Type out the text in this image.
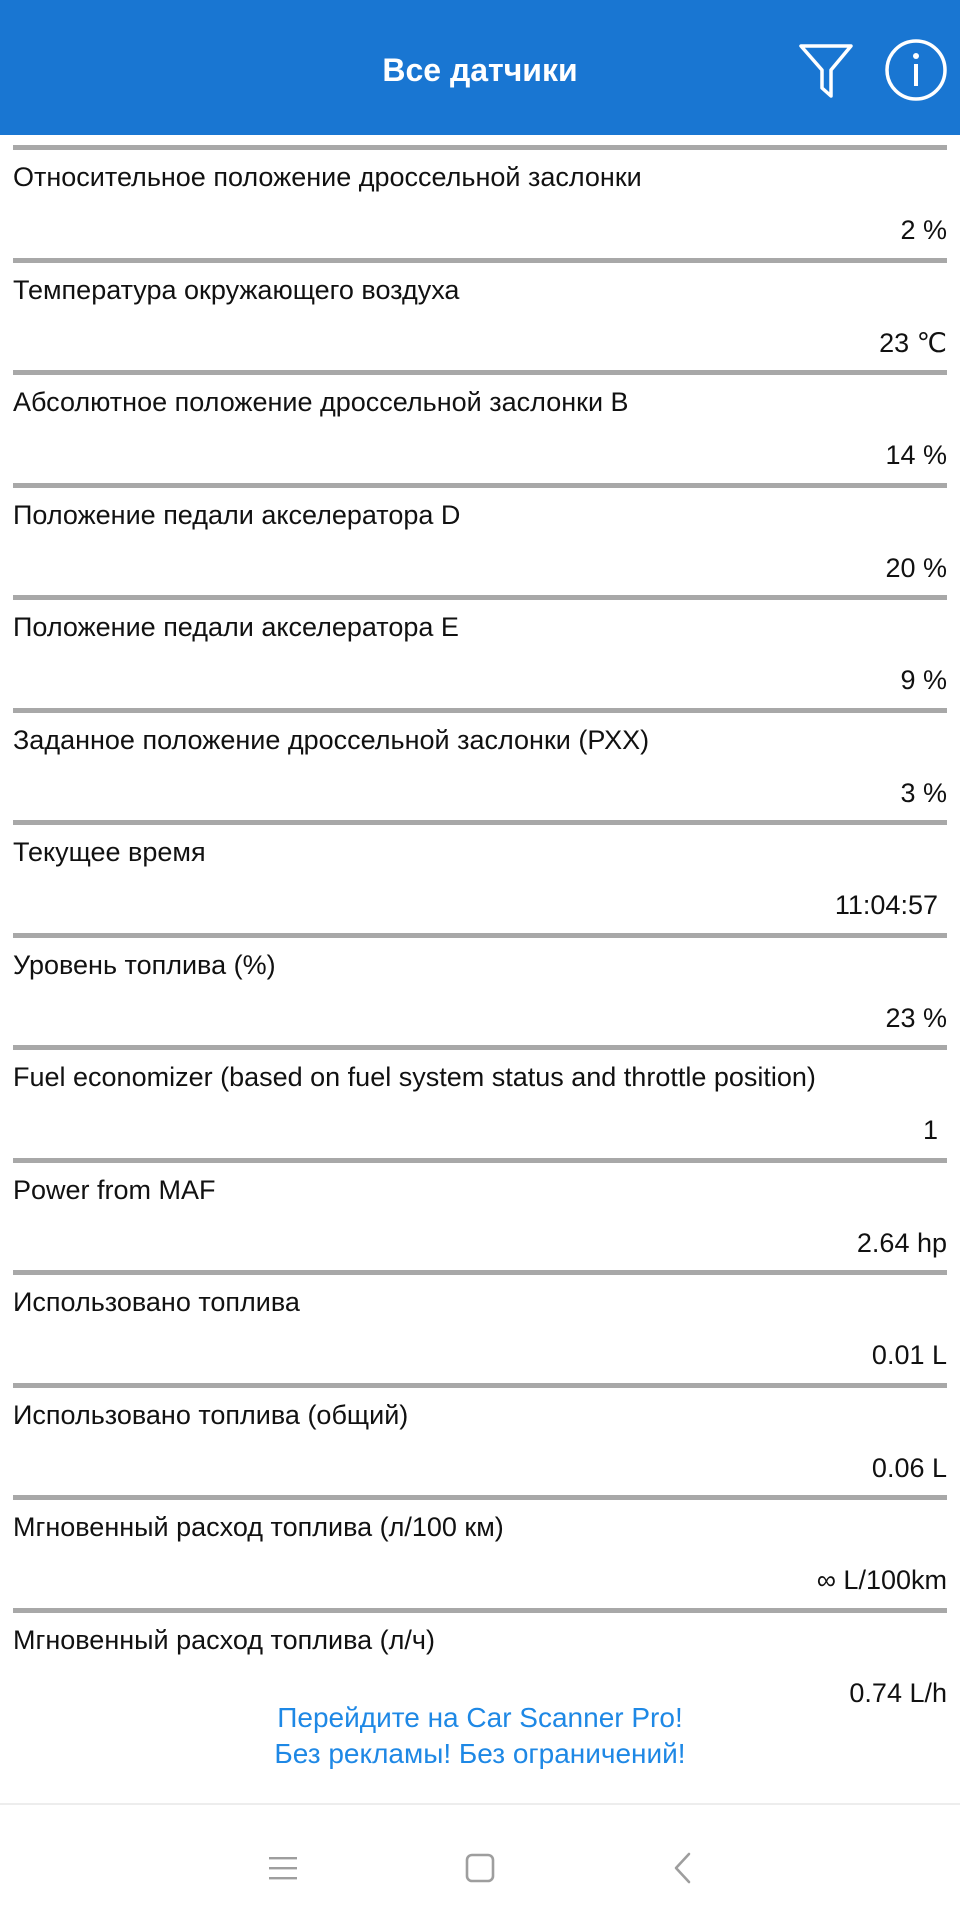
Все датчики
Относительное положение дроссельной заслонки
2 %
Температура окружающего воздуха
23 ℃
Абсолютное положение дроссельной заслонки B
14 %
Положение педали акселератора D
20 %
Положение педали акселератора E
9 %
Заданное положение дроссельной заслонки (РХХ)
3 %
Текущее время
11:04:57
Уровень топлива (%)
23 %
Fuel economizer (based on fuel system status and throttle position)
1
Power from MAF
2.64 hp
Использовано топлива
0.01 L
Использовано топлива (общий)
0.06 L
Мгновенный расход топлива (л/100 км)
∞ L/100km
Мгновенный расход топлива (л/ч)
0.74 L/h
Перейдите на Car Scanner Pro!
Без рекламы! Без ограничений!
